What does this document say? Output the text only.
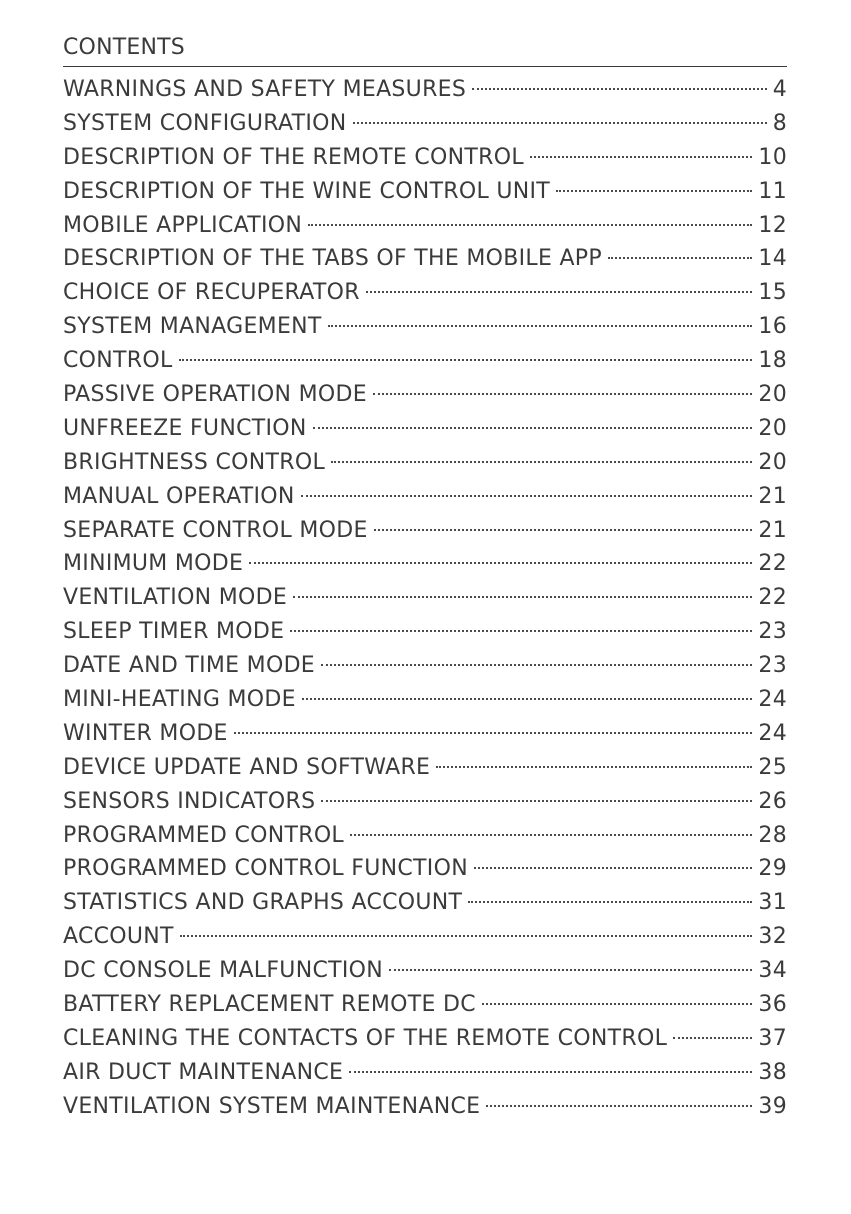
CONTENTS
WARNINGS AND SAFETY MEASURES	4
SYSTEM CONFIGURATION	8
DESCRIPTION OF THE REMOTE CONTROL	10
DESCRIPTION OF THE WINE CONTROL UNIT	11
MOBILE APPLICATION	12
DESCRIPTION OF THE TABS OF THE MOBILE APP	14
CHOICE OF RECUPERATOR	15
SYSTEM MANAGEMENT	16
CONTROL	18
PASSIVE OPERATION MODE	20
UNFREEZE FUNCTION	20
BRIGHTNESS CONTROL	20
MANUAL OPERATION	21
SEPARATE CONTROL MODE	21
MINIMUM MODE	22
VENTILATION MODE	22
SLEEP TIMER MODE	23
DATE AND TIME MODE	23
MINI-HEATING MODE	24
WINTER MODE	24
DEVICE UPDATE AND SOFTWARE	25
SENSORS INDICATORS	26
PROGRAMMED CONTROL	28
PROGRAMMED CONTROL FUNCTION	29
STATISTICS AND GRAPHS ACCOUNT	31
ACCOUNT	32
DC CONSOLE MALFUNCTION	34
BATTERY REPLACEMENT REMOTE DC	36
CLEANING THE CONTACTS OF THE REMOTE CONTROL	37
AIR DUCT MAINTENANCE	38
VENTILATION SYSTEM MAINTENANCE	39
